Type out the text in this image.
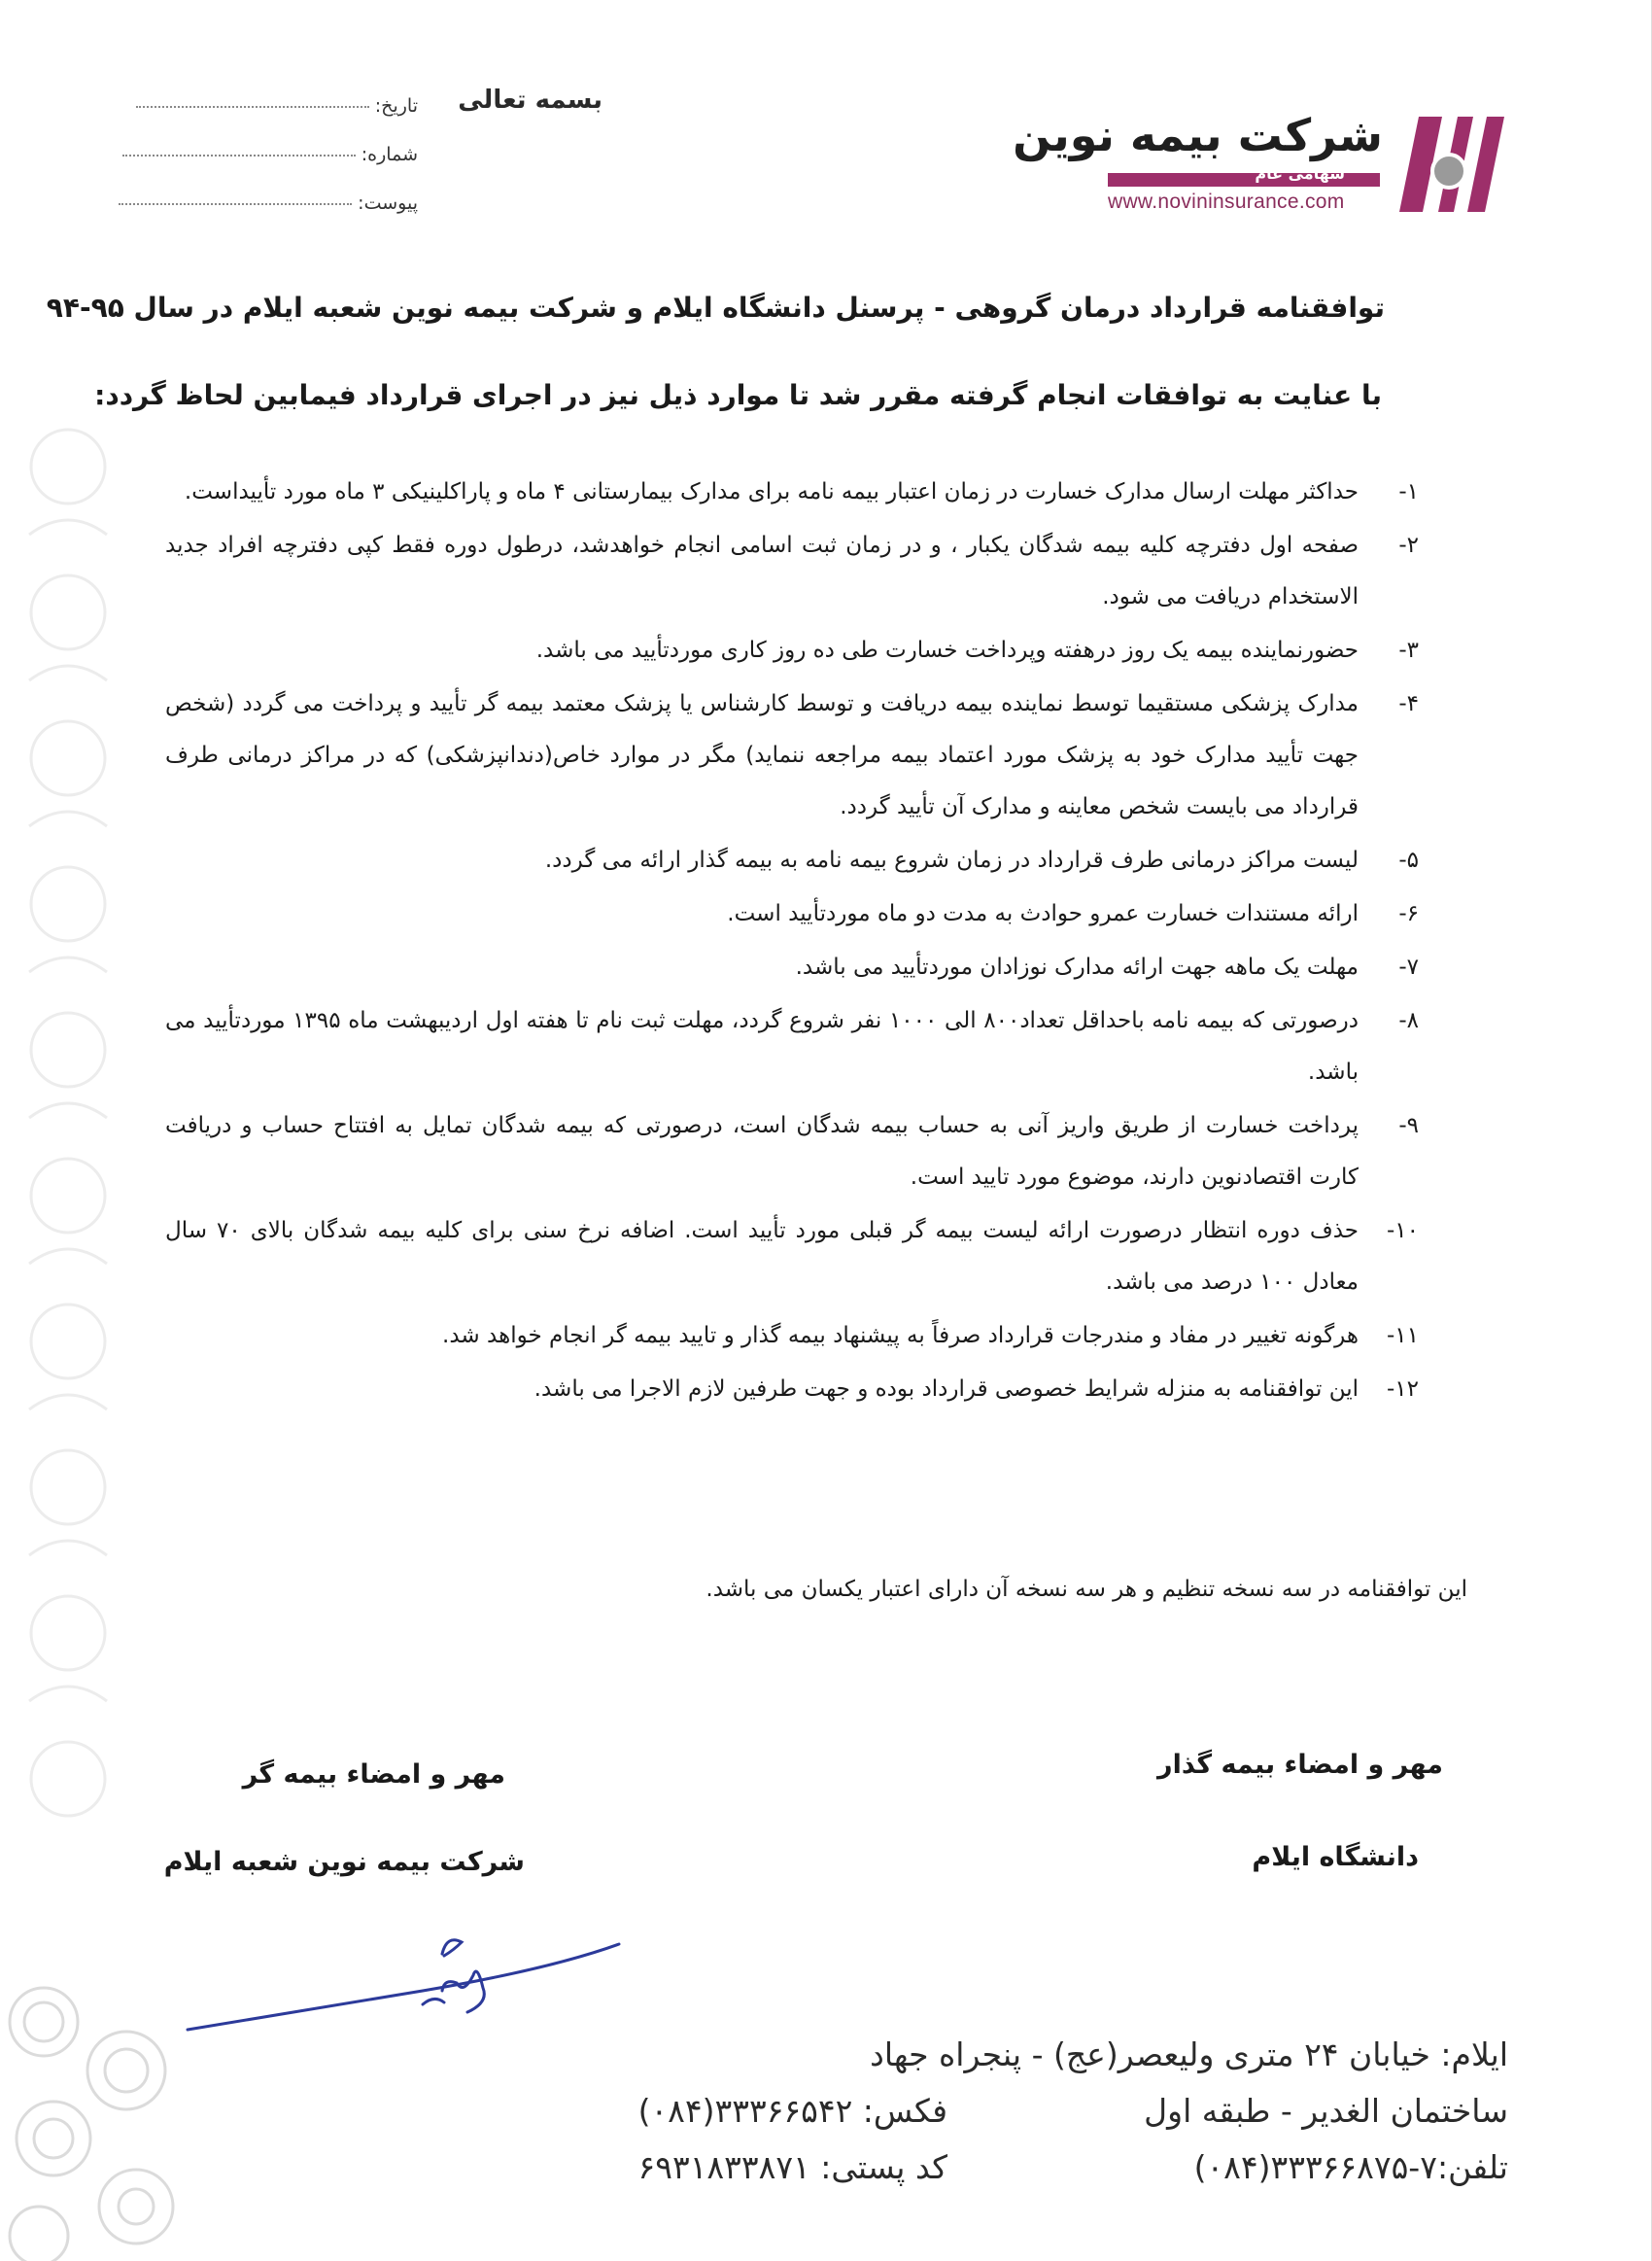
بسمه تعالی
تاریخ:
شماره:
پیوست:
شرکت بیمه نوین
سهامی عام
www.novininsurance.com
توافقنامه قرارداد درمان گروهی - پرسنل دانشگاه ایلام و شرکت بیمه نوین شعبه ایلام در سال ۹۵-۹۴
با عنایت به توافقات انجام گرفته مقرر شد تا موارد ذیل نیز در اجرای قرارداد فیمابین لحاظ گردد:
۱-
حداکثر مهلت ارسال مدارک خسارت در زمان اعتبار بیمه نامه برای مدارک بیمارستانی ۴ ماه و پاراکلینیکی ۳ ماه مورد تأییداست.
۲-
صفحه اول دفترچه کلیه بیمه شدگان یکبار ، و در زمان ثبت اسامی انجام خواهدشد، درطول دوره فقط کپی دفترچه افراد جدید الاستخدام دریافت می شود.
۳-
حضورنماینده بیمه یک روز درهفته وپرداخت خسارت طی ده روز کاری موردتأیید می باشد.
۴-
مدارک پزشکی مستقیما توسط نماینده بیمه دریافت و توسط کارشناس یا پزشک معتمد بیمه گر تأیید و پرداخت می گردد (شخص جهت تأیید مدارک خود به پزشک مورد اعتماد بیمه مراجعه ننماید) مگر در موارد خاص(دندانپزشکی) که در مراکز درمانی طرف قرارداد می بایست شخص معاینه و مدارک آن تأیید گردد.
۵-
لیست مراکز درمانی طرف قرارداد در زمان شروع بیمه نامه به بیمه گذار ارائه می گردد.
۶-
ارائه مستندات خسارت عمرو حوادث به مدت دو ماه موردتأیید است.
۷-
مهلت یک ماهه جهت ارائه مدارک نوزادان موردتأیید می باشد.
۸-
درصورتی که بیمه نامه باحداقل تعداد۸۰۰ الی ۱۰۰۰ نفر شروع گردد، مهلت ثبت نام تا هفته اول اردیبهشت ماه ۱۳۹۵ موردتأیید می باشد.
۹-
پرداخت خسارت از طریق واریز آنی به حساب بیمه شدگان است، درصورتی که بیمه شدگان تمایل به افتتاح حساب و دریافت کارت اقتصادنوین دارند، موضوع مورد تایید است.
۱۰-
حذف دوره انتظار درصورت ارائه لیست بیمه گر قبلی مورد تأیید است. اضافه نرخ سنی برای کلیه بیمه شدگان بالای ۷۰ سال معادل ۱۰۰ درصد می باشد.
۱۱-
هرگونه تغییر در مفاد و مندرجات قرارداد صرفاً به پیشنهاد بیمه گذار و تایید بیمه گر انجام خواهد شد.
۱۲-
این توافقنامه به منزله شرایط خصوصی قرارداد بوده و جهت طرفین لازم الاجرا می باشد.
این توافقنامه در سه نسخه تنظیم و هر سه نسخه آن دارای اعتبار یکسان می باشد.
مهر و امضاء بیمه گذار
دانشگاه ایلام
مهر و امضاء بیمه گر
شرکت بیمه نوین شعبه ایلام
ایلام: خیابان ۲۴ متری ولیعصر(عج) - پنجراه جهاد
ساختمان الغدیر - طبقه اول
تلفن:۷-۳۳۳۶۶۸۷۵(۰۸۴)
فکس: ۳۳۳۶۶۵۴۲(۰۸۴)
کد پستی: ۶۹۳۱۸۳۳۸۷۱
